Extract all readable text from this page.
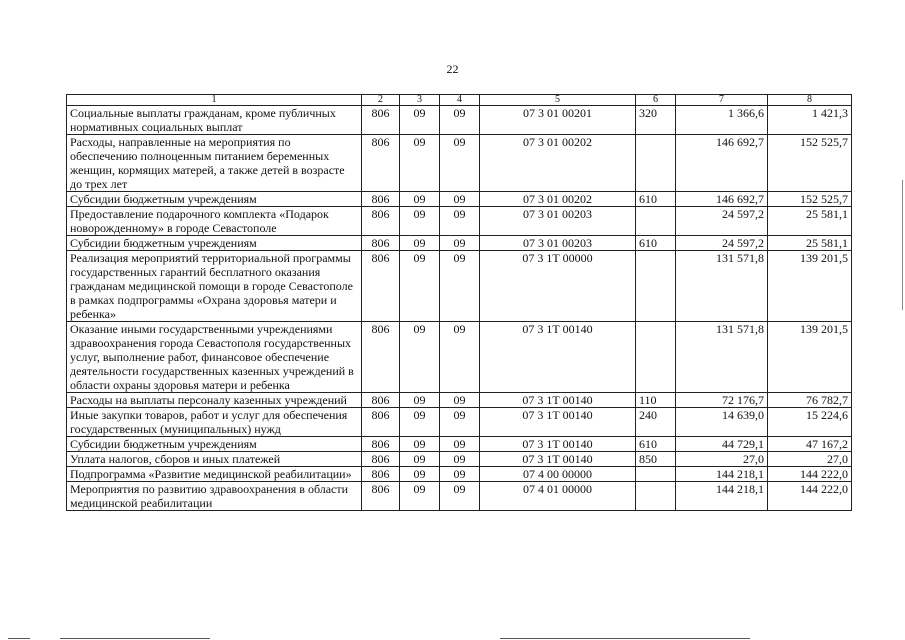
22
1	2	3	4	5	6	7	8
Социальные выплаты гражданам, кроме публичных нормативных социальных выплат	806	09	09	07 3 01 00201	320	1 366,6	1 421,3
Расходы, направленные на мероприятия по обеспечению полноценным питанием беременных женщин, кормящих матерей, а также детей в возрасте до трех лет	806	09	09	07 3 01 00202		146 692,7	152 525,7
Субсидии бюджетным учреждениям	806	09	09	07 3 01 00202	610	146 692,7	152 525,7
Предоставление подарочного комплекта «Подарок новорожденному» в городе Севастополе	806	09	09	07 3 01 00203		24 597,2	25 581,1
Субсидии бюджетным учреждениям	806	09	09	07 3 01 00203	610	24 597,2	25 581,1
Реализация мероприятий территориальной программы государственных гарантий бесплатного оказания гражданам медицинской помощи в городе Севастополе в рамках подпрограммы «Охрана здоровья матери и ребенка»	806	09	09	07 3 1Т 00000		131 571,8	139 201,5
Оказание иными государственными учреждениями здравоохранения города Севастополя государственных услуг, выполнение работ, финансовое обеспечение деятельности государственных казенных учреждений в области охраны здоровья матери и ребенка	806	09	09	07 3 1Т 00140		131 571,8	139 201,5
Расходы на выплаты персоналу казенных учреждений	806	09	09	07 3 1Т 00140	110	72 176,7	76 782,7
Иные закупки товаров, работ и услуг для обеспечения государственных (муниципальных) нужд	806	09	09	07 3 1Т 00140	240	14 639,0	15 224,6
Субсидии бюджетным учреждениям	806	09	09	07 3 1Т 00140	610	44 729,1	47 167,2
Уплата налогов, сборов и иных платежей	806	09	09	07 3 1Т 00140	850	27,0	27,0
Подпрограмма «Развитие медицинской реабилитации»	806	09	09	07 4 00 00000		144 218,1	144 222,0
Мероприятия по развитию здравоохранения в области медицинской реабилитации	806	09	09	07 4 01 00000		144 218,1	144 222,0
